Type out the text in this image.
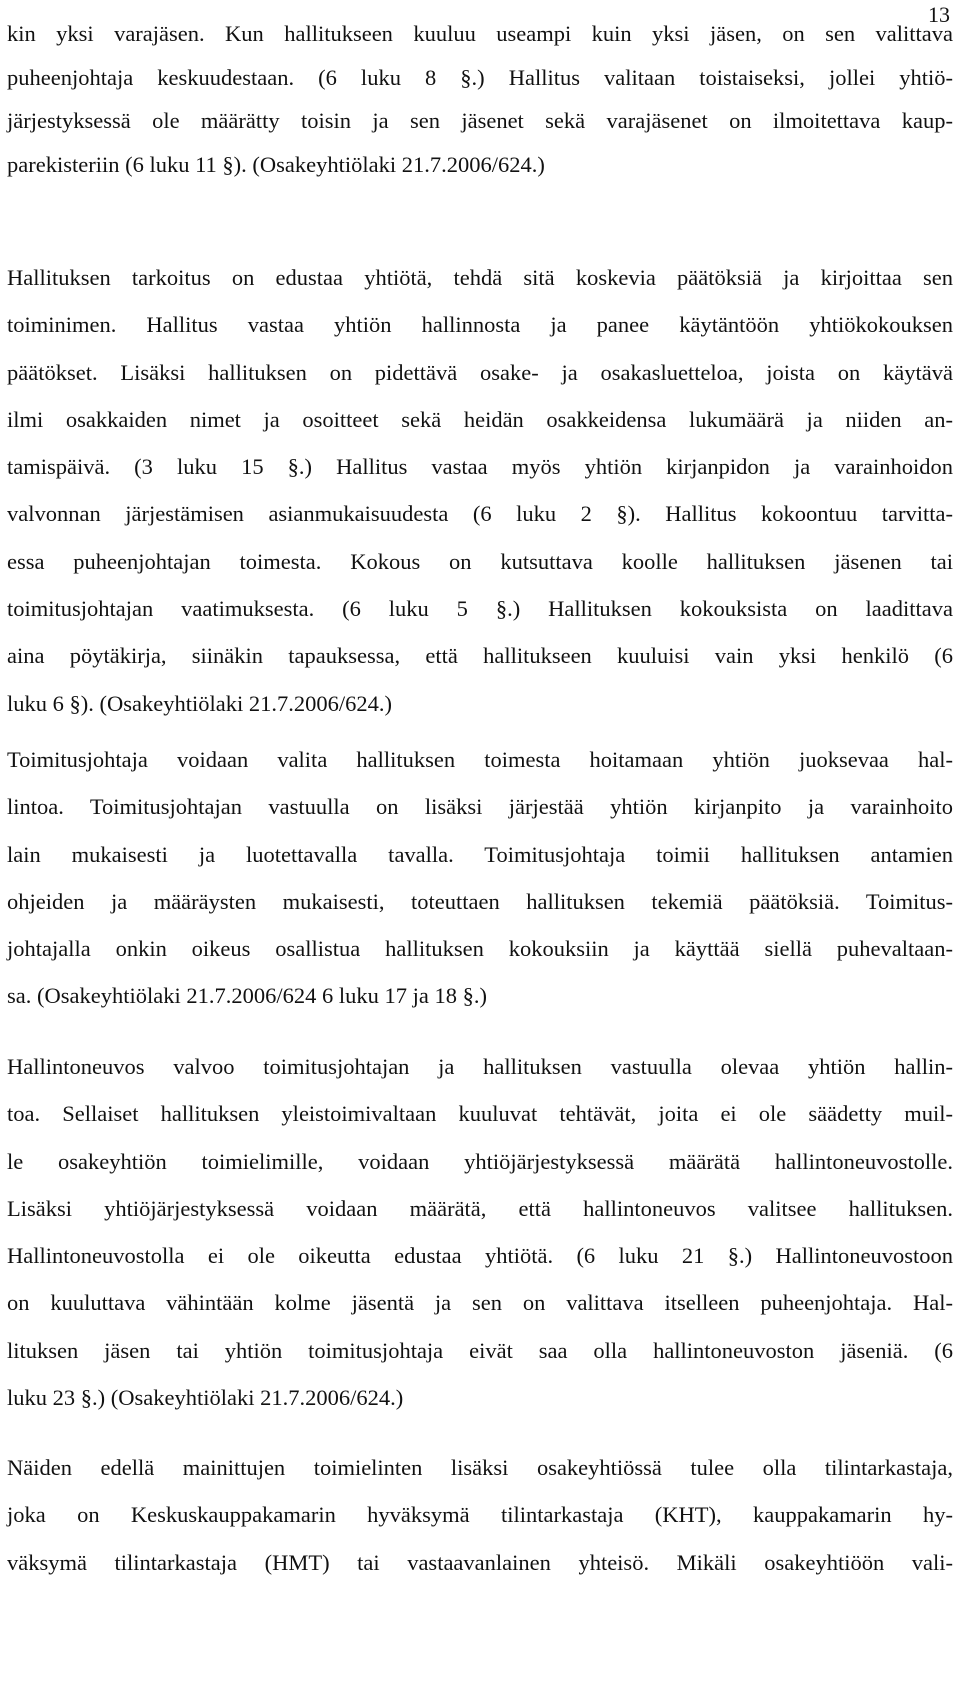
13
kin yksi varajäsen. Kun hallitukseen kuuluu useampi kuin yksi jäsen, on sen valittava
puheenjohtaja keskuudestaan. (6 luku 8 §.) Hallitus valitaan toistaiseksi, jollei yhtiö-
järjestyksessä ole määrätty toisin ja sen jäsenet sekä varajäsenet on ilmoitettava kaup-
parekisteriin (6 luku 11 §). (Osakeyhtiölaki 21.7.2006/624.)
Hallituksen tarkoitus on edustaa yhtiötä, tehdä sitä koskevia päätöksiä ja kirjoittaa sen
toiminimen. Hallitus vastaa yhtiön hallinnosta ja panee käytäntöön yhtiökokouksen
päätökset. Lisäksi hallituksen on pidettävä osake- ja osakasluetteloa, joista on käytävä
ilmi osakkaiden nimet ja osoitteet sekä heidän osakkeidensa lukumäärä ja niiden an-
tamispäivä. (3 luku 15 §.) Hallitus vastaa myös yhtiön kirjanpidon ja varainhoidon
valvonnan järjestämisen asianmukaisuudesta (6 luku 2 §). Hallitus kokoontuu tarvitta-
essa puheenjohtajan toimesta. Kokous on kutsuttava koolle hallituksen jäsenen tai
toimitusjohtajan vaatimuksesta. (6 luku 5 §.) Hallituksen kokouksista on laadittava
aina pöytäkirja, siinäkin tapauksessa, että hallitukseen kuuluisi vain yksi henkilö (6
luku 6 §). (Osakeyhtiölaki 21.7.2006/624.)
Toimitusjohtaja voidaan valita hallituksen toimesta hoitamaan yhtiön juoksevaa hal-
lintoa. Toimitusjohtajan vastuulla on lisäksi järjestää yhtiön kirjanpito ja varainhoito
lain mukaisesti ja luotettavalla tavalla. Toimitusjohtaja toimii hallituksen antamien
ohjeiden ja määräysten mukaisesti, toteuttaen hallituksen tekemiä päätöksiä. Toimitus-
johtajalla onkin oikeus osallistua hallituksen kokouksiin ja käyttää siellä puhevaltaan-
sa. (Osakeyhtiölaki 21.7.2006/624 6 luku 17 ja 18 §.)
Hallintoneuvos valvoo toimitusjohtajan ja hallituksen vastuulla olevaa yhtiön hallin-
toa. Sellaiset hallituksen yleistoimivaltaan kuuluvat tehtävät, joita ei ole säädetty muil-
le osakeyhtiön toimielimille, voidaan yhtiöjärjestyksessä määrätä hallintoneuvostolle.
Lisäksi yhtiöjärjestyksessä voidaan määrätä, että hallintoneuvos valitsee hallituksen.
Hallintoneuvostolla ei ole oikeutta edustaa yhtiötä. (6 luku 21 §.) Hallintoneuvostoon
on kuuluttava vähintään kolme jäsentä ja sen on valittava itselleen puheenjohtaja. Hal-
lituksen jäsen tai yhtiön toimitusjohtaja eivät saa olla hallintoneuvoston jäseniä. (6
luku 23 §.) (Osakeyhtiölaki 21.7.2006/624.)
Näiden edellä mainittujen toimielinten lisäksi osakeyhtiössä tulee olla tilintarkastaja,
joka on Keskuskauppakamarin hyväksymä tilintarkastaja (KHT), kauppakamarin hy-
väksymä tilintarkastaja (HMT) tai vastaavanlainen yhteisö. Mikäli osakeyhtiöön vali-
